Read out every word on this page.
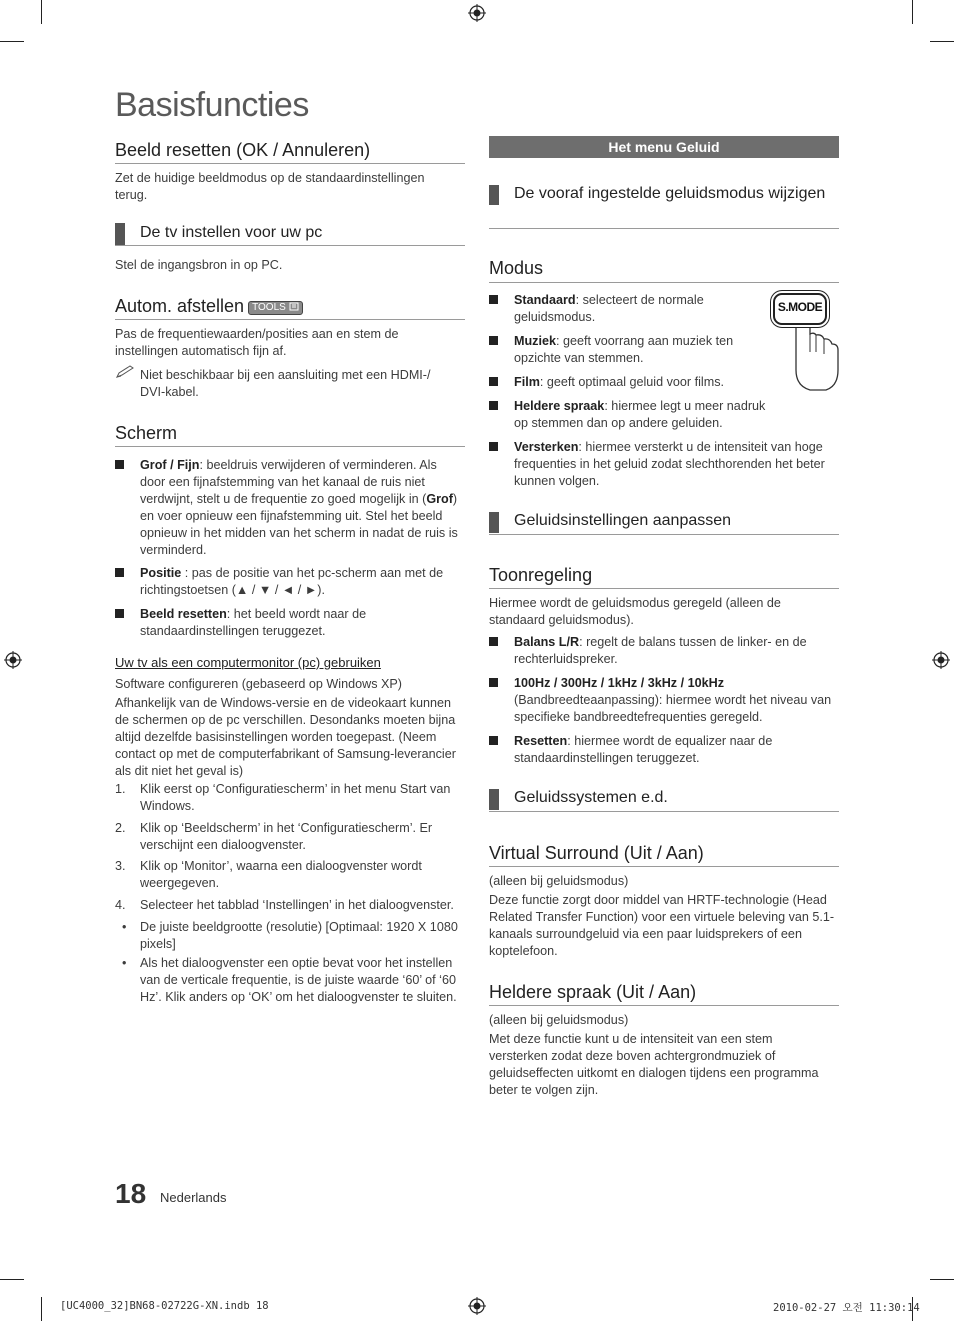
Basisfuncties
Beeld resetten (OK / Annuleren)

Zet de huidige beeldmodus op de standaardinstellingen terug.

De tv instellen voor uw pc

Stel de ingangsbron in op PC.

Autom. afstellen TOOLS

Pas de frequentiewaarden/posities aan en stem de instellingen automatisch fijn af.

Niet beschikbaar bij een aansluiting met een HDMI-/ DVI-kabel.

Scherm
Grof / Fijn: beeldruis verwijderen of verminderen. Als door een fijnafstemming van het kanaal de ruis niet verdwijnt, stelt u de frequentie zo goed mogelijk in (Grof) en voer opnieuw een fijnafstemming uit. Stel het beeld opnieuw in het midden van het scherm in nadat de ruis is verminderd.
Positie : pas de positie van het pc-scherm aan met de richtingstoetsen (▲ / ▼ / ◄ / ►).
Beeld resetten: het beeld wordt naar de standaardinstellingen teruggezet.
Uw tv als een computermonitor (pc) gebruiken

Software configureren (gebaseerd op Windows XP)

Afhankelijk van de Windows-versie en de videokaart kunnen de schermen op de pc verschillen. Desondanks moeten bijna altijd dezelfde basisinstellingen worden toegepast. (Neem contact op met de computerfabrikant of Samsung-leverancier als dit niet het geval is)

1. Klik eerst op ‘Configuratiescherm’ in het menu Start van Windows.
2. Klik op ‘Beeldscherm’ in het ‘Configuratiescherm’. Er verschijnt een dialoogvenster.
3. Klik op ‘Monitor’, waarna een dialoogvenster wordt weergegeven.
4. Selecteer het tabblad ‘Instellingen’ in het dialoogvenster.
• De juiste beeldgrootte (resolutie) [Optimaal: 1920 X 1080 pixels]
• Als het dialoogvenster een optie bevat voor het instellen van de verticale frequentie, is de juiste waarde ‘60’ of ‘60 Hz’. Klik anders op ‘OK’ om het dialoogvenster te sluiten.
Het menu Geluid
De vooraf ingestelde geluidsmodus wijzigen
Modus
S.MODE
Standaard: selecteert de normale geluidsmodus.
Muziek: geeft voorrang aan muziek ten opzichte van stemmen.
Film: geeft optimaal geluid voor films.
Heldere spraak: hiermee legt u meer nadruk op stemmen dan op andere geluiden.
Versterken: hiermee versterkt u de intensiteit van hoge frequenties in het geluid zodat slechthorenden het beter kunnen volgen.
Geluidsinstellingen aanpassen
Toonregeling

Hiermee wordt de geluidsmodus geregeld (alleen de standaard geluidsmodus).

Balans L/R: regelt de balans tussen de linker- en de rechterluidspreker.
100Hz / 300Hz / 1kHz / 3kHz / 10kHz
(Bandbreedteaanpassing): hiermee wordt het niveau van specifieke bandbreedtefrequenties geregeld.
Resetten: hiermee wordt de equalizer naar de standaardinstellingen teruggezet.
Geluidssystemen e.d.
Virtual Surround (Uit / Aan)

(alleen bij geluidsmodus)

Deze functie zorgt door middel van HRTF-technologie (Head Related Transfer Function) voor een virtuele beleving van 5.1-kanaals surroundgeluid via een paar luidsprekers of een koptelefoon.

Heldere spraak (Uit / Aan)

(alleen bij geluidsmodus)

Met deze functie kunt u de intensiteit van een stem versterken zodat deze boven achtergrondmuziek of geluidseffecten uitkomt en dialogen tijdens een programma beter te volgen zijn.

18 Nederlands
[UC4000_32]BN68-02722G-XN.indb 18	2010-02-27 오전 11:30:14
